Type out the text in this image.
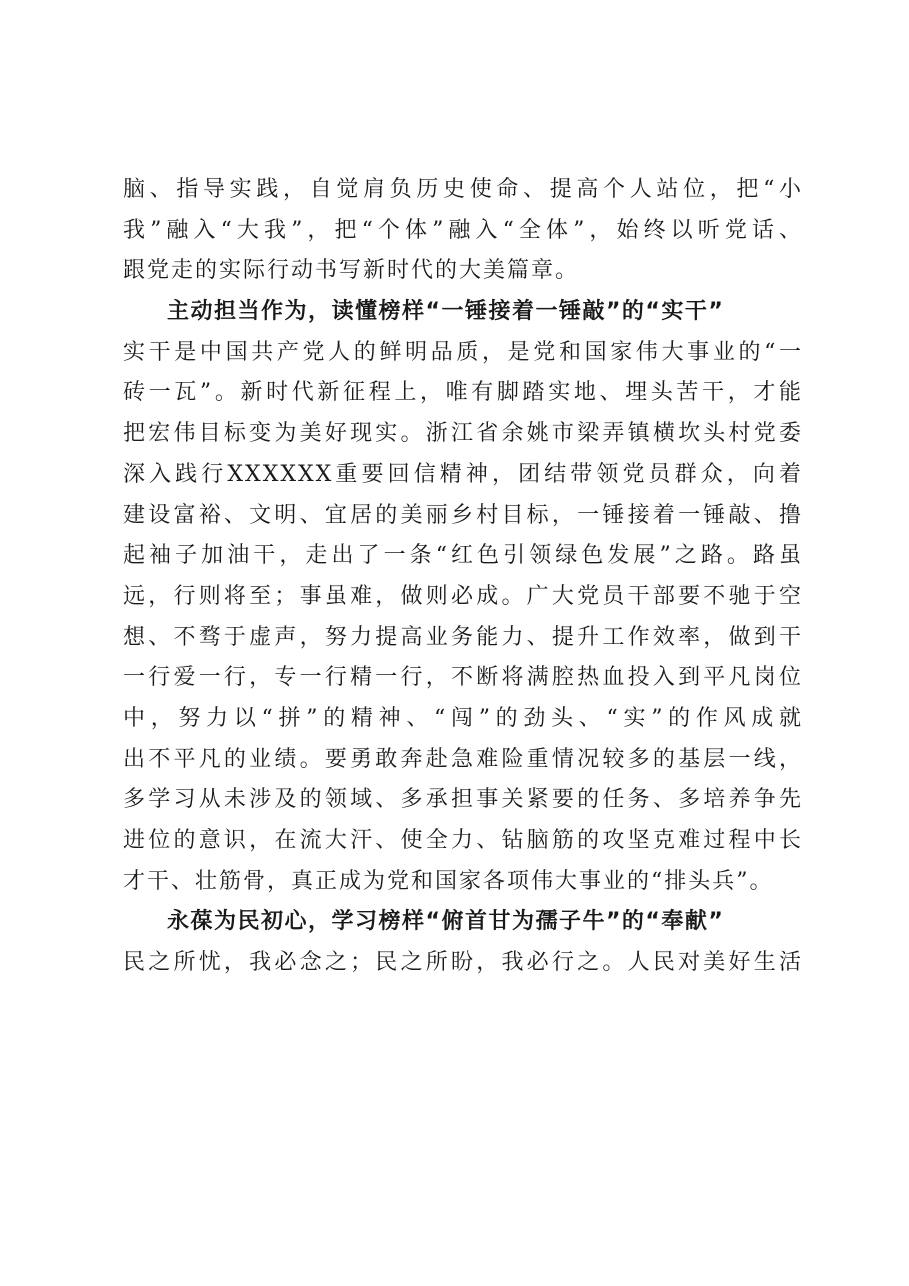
脑、指导实践，自觉肩负历史使命、提高个人站位，把“小
我”融入“大我”，把“个体”融入“全体”，始终以听党话、
跟党走的实际行动书写新时代的大美篇章。
主动担当作为，读懂榜样“一锤接着一锤敲”的“实干”
实干是中国共产党人的鲜明品质，是党和国家伟大事业的“一
砖一瓦”。新时代新征程上，唯有脚踏实地、埋头苦干，才能
把宏伟目标变为美好现实。浙江省余姚市梁弄镇横坎头村党委
深入践行XXXXXX重要回信精神，团结带领党员群众，向着
建设富裕、文明、宜居的美丽乡村目标，一锤接着一锤敲、撸
起袖子加油干，走出了一条“红色引领绿色发展”之路。路虽
远，行则将至；事虽难，做则必成。广大党员干部要不驰于空
想、不骛于虚声，努力提高业务能力、提升工作效率，做到干
一行爱一行，专一行精一行，不断将满腔热血投入到平凡岗位
中，努力以“拼”的精神、“闯”的劲头、“实”的作风成就
出不平凡的业绩。要勇敢奔赴急难险重情况较多的基层一线，
多学习从未涉及的领域、多承担事关紧要的任务、多培养争先
进位的意识，在流大汗、使全力、钻脑筋的攻坚克难过程中长
才干、壮筋骨，真正成为党和国家各项伟大事业的“排头兵”。
永葆为民初心，学习榜样“俯首甘为孺子牛”的“奉献”
民之所忧，我必念之；民之所盼，我必行之。人民对美好生活
